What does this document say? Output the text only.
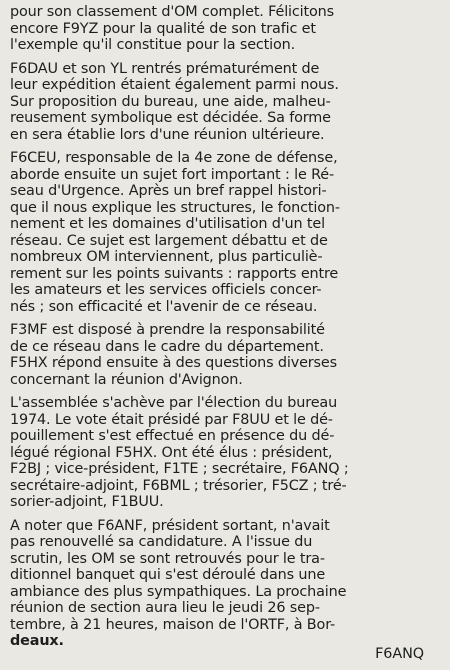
pour son classement d'OM complet. Félicitons
encore F9YZ pour la qualité de son trafic et
l'exemple qu'il constitue pour la section.
F6DAU et son YL rentrés prématurément de
leur expédition étaient également parmi nous.
Sur proposition du bureau, une aide, malheu-
reusement symbolique est décidée. Sa forme
en sera établie lors d'une réunion ultérieure.
F6CEU, responsable de la 4e zone de défense,
aborde ensuite un sujet fort important : le Ré-
seau d'Urgence. Après un bref rappel histori-
que il nous explique les structures, le fonction-
nement et les domaines d'utilisation d'un tel
réseau. Ce sujet est largement débattu et de
nombreux OM interviennent, plus particuliè-
rement sur les points suivants : rapports entre
les amateurs et les services officiels concer-
nés ; son efficacité et l'avenir de ce réseau.
F3MF est disposé à prendre la responsabilité
de ce réseau dans le cadre du département.
F5HX répond ensuite à des questions diverses
concernant la réunion d'Avignon.
L'assemblée s'achève par l'élection du bureau
1974. Le vote était présidé par F8UU et le dé-
pouillement s'est effectué en présence du dé-
légué régional F5HX. Ont été élus : président,
F2BJ ; vice-président, F1TE ; secrétaire, F6ANQ ;
secrétaire-adjoint, F6BML ; trésorier, F5CZ ; tré-
sorier-adjoint, F1BUU.
A noter que F6ANF, président sortant, n'avait
pas renouvellé sa candidature. A l'issue du
scrutin, les OM se sont retrouvés pour le tra-
ditionnel banquet qui s'est déroulé dans une
ambiance des plus sympathiques. La prochaine
réunion de section aura lieu le jeudi 26 sep-
tembre, à 21 heures, maison de l'ORTF, à Bor-
deaux.
F6ANQ
